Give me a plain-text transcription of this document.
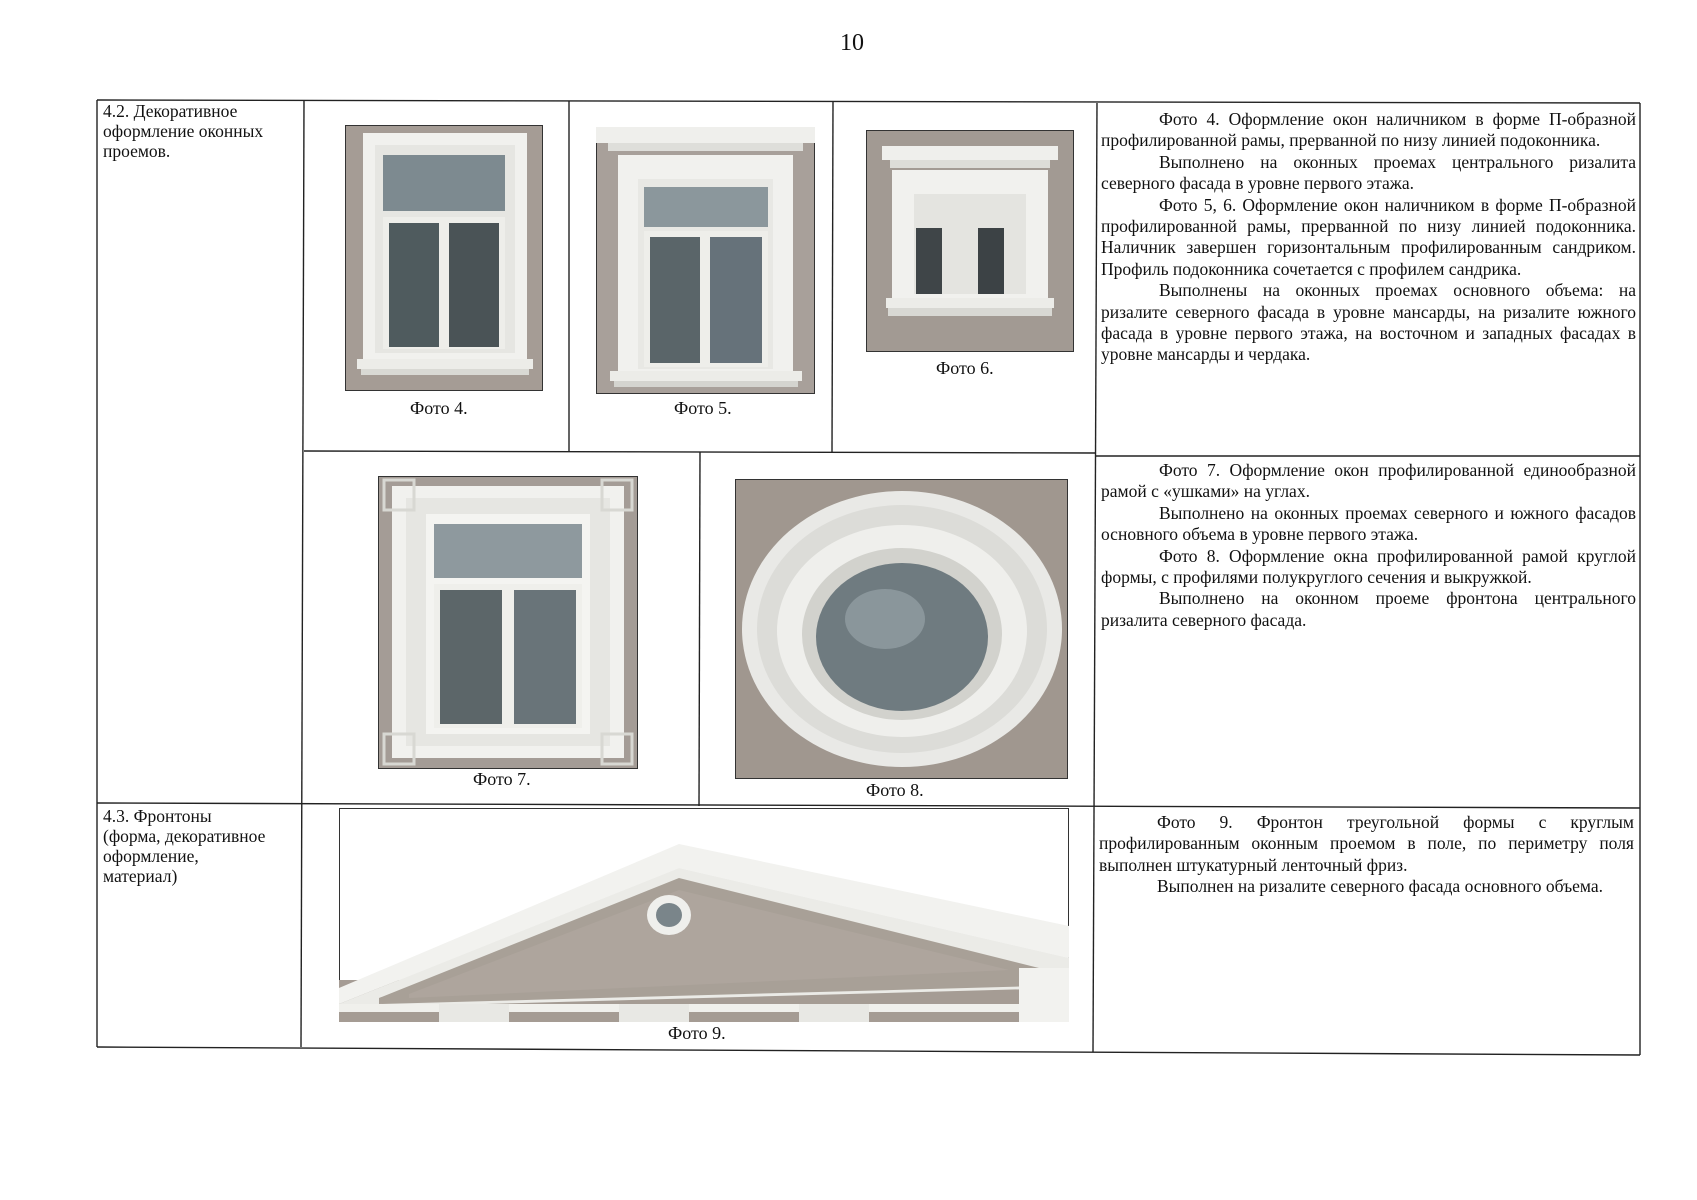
10
4.2. Декоративное
оформление оконных
проемов.
4.3. Фронтоны
(форма, декоративное
оформление,
материал)
Фото 4.	Фото 5.
Фото 6.
Фото 7.
Фото 8.
Фото 9.

Фото 4. Оформление окон наличником в форме П-образной профилированной рамы, прерванной по низу линией подоконника.

Выполнено на оконных проемах центрального ризалита северного фасада в уровне первого этажа.

Фото 5, 6. Оформление окон наличником в форме П-образной профилированной рамы, прерванной по низу линией подоконника. Наличник завершен горизонтальным профилированным сандриком. Профиль подоконника сочетается с профилем сандрика.

Выполнены на оконных проемах основного объема: на ризалите северного фасада в уровне мансарды, на ризалите южного фасада в уровне первого этажа, на восточном и западных фасадах в уровне мансарды и чердака.

Фото 7. Оформление окон профилированной единообразной рамой с «ушками» на углах.

Выполнено на оконных проемах северного и южного фасадов основного объема в уровне первого этажа.

Фото 8. Оформление окна профилированной рамой круглой формы, с профилями полукруглого сечения и выкружкой.

Выполнено на оконном проеме фронтона центрального ризалита северного фасада.

Фото 9. Фронтон треугольной формы с круглым профилированным оконным проемом в поле, по периметру поля выполнен штукатурный ленточный фриз.

Выполнен на ризалите северного фасада основного объема.
